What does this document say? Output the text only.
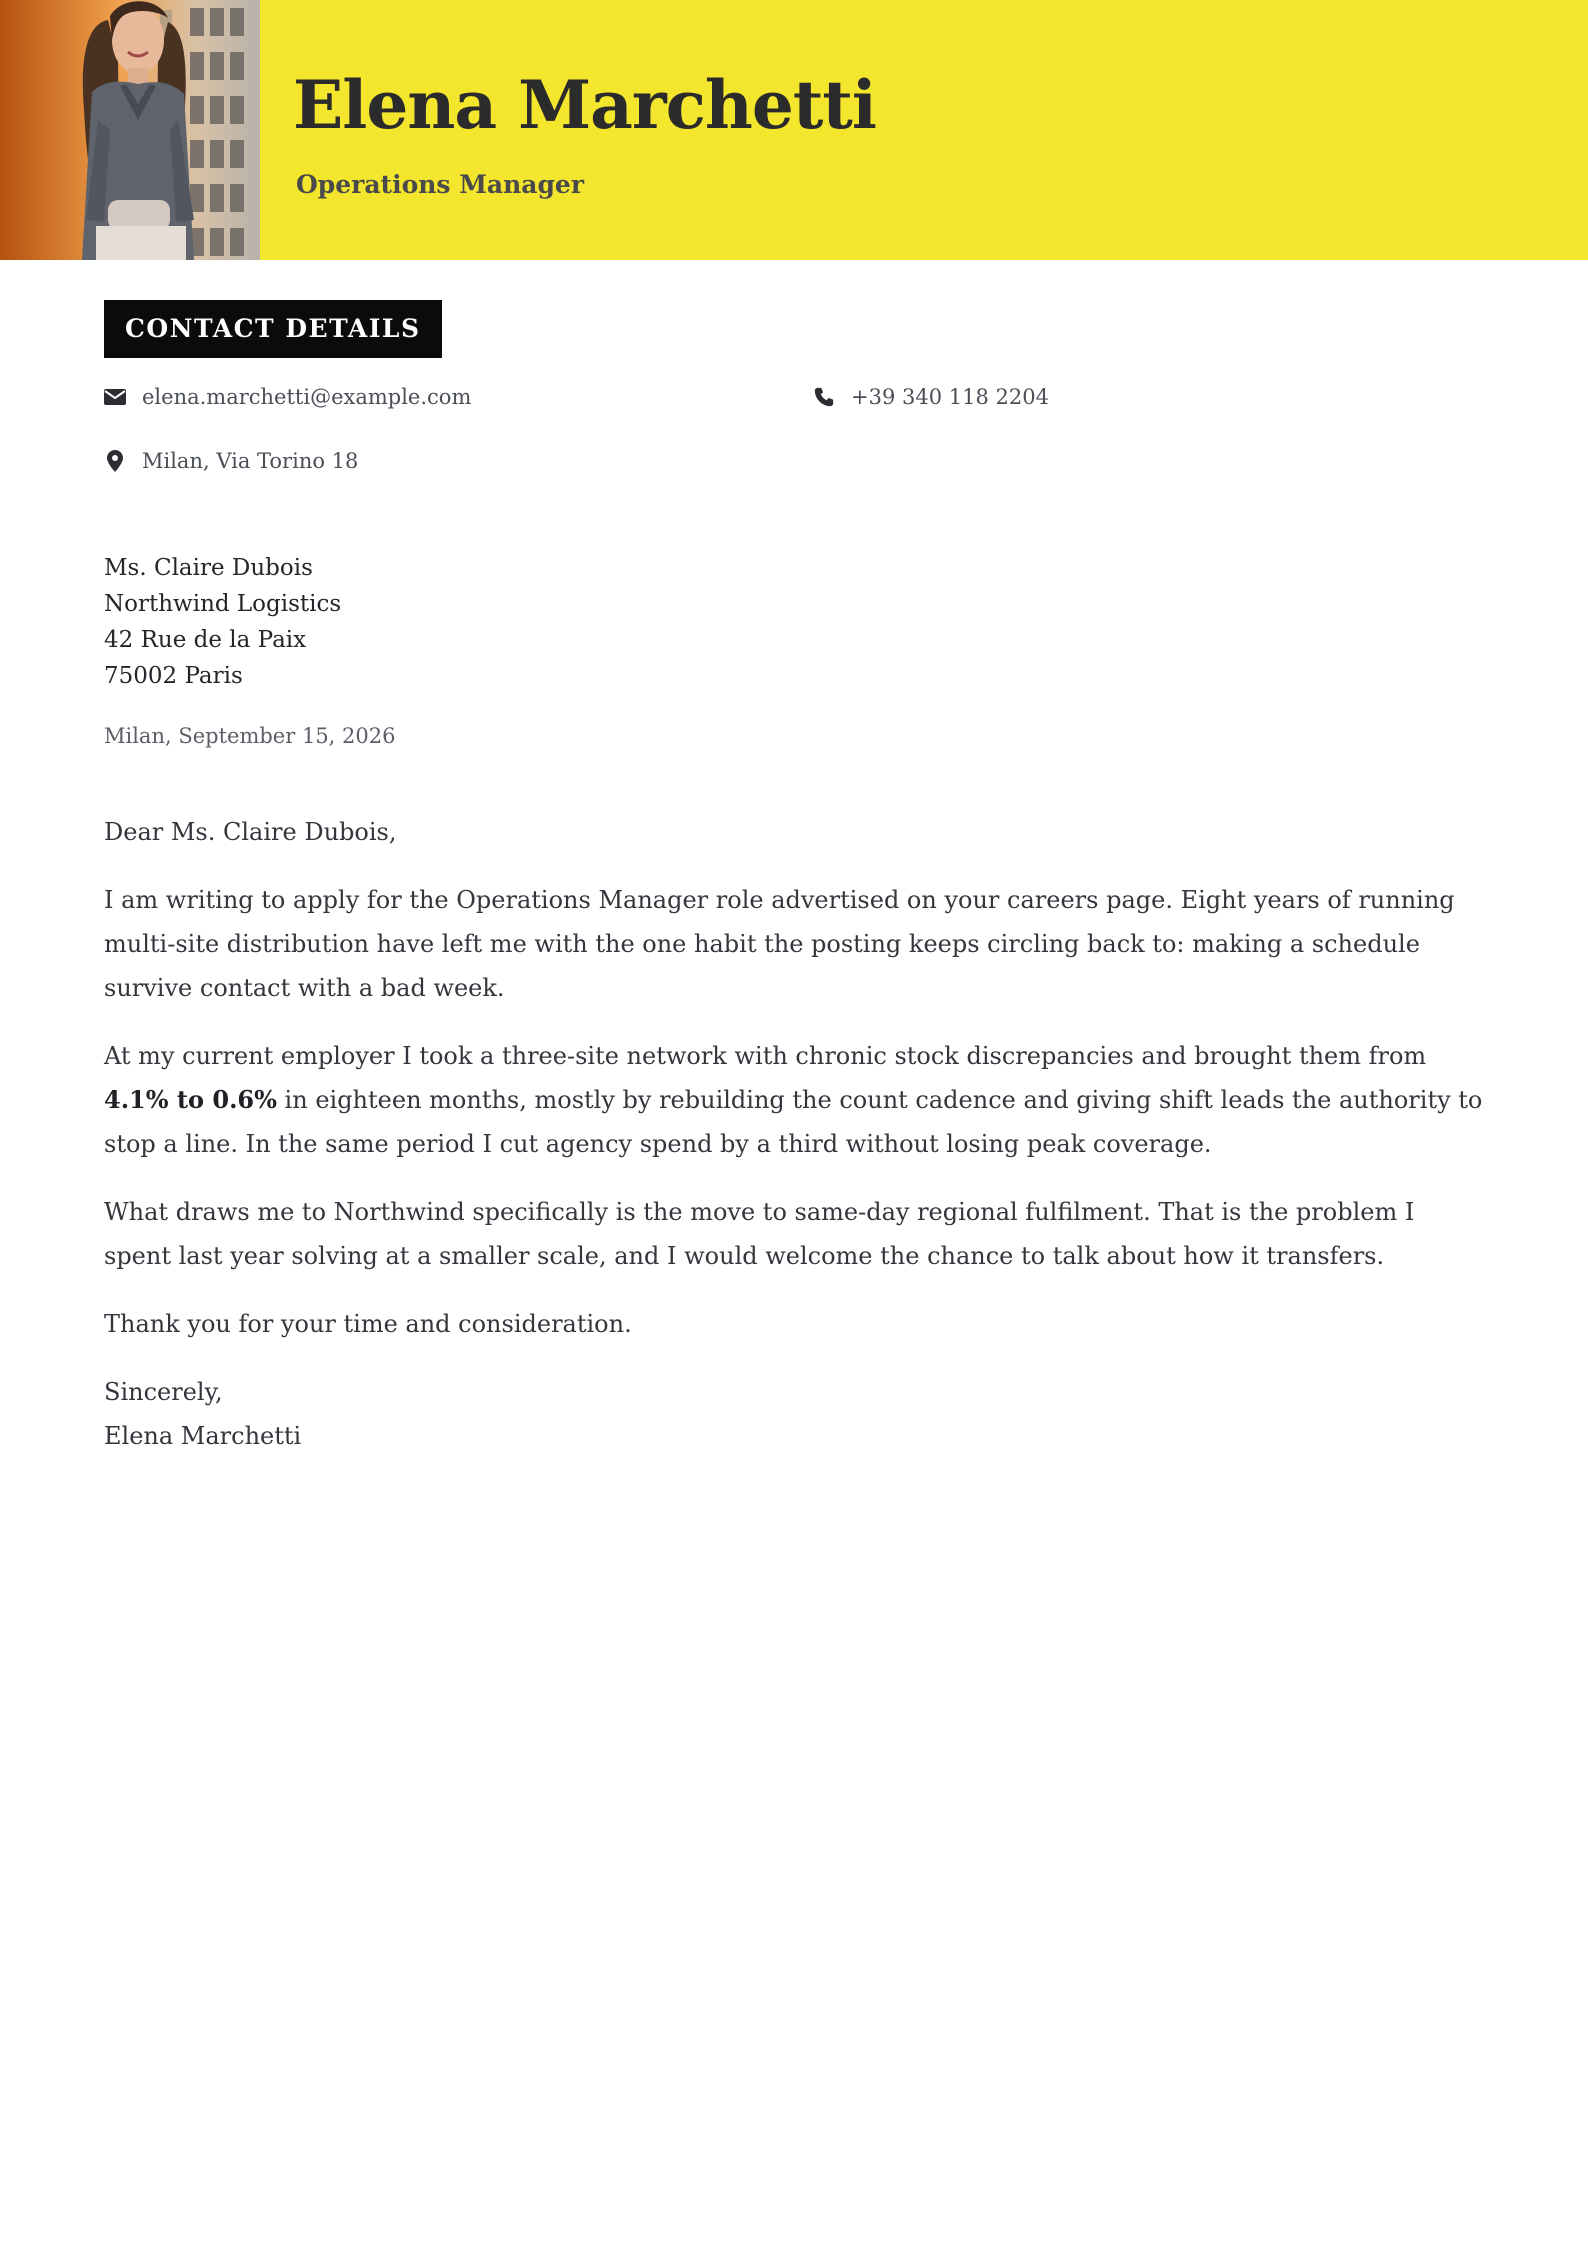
Elena Marchetti
Operations Manager
CONTACT DETAILS
elena.marchetti@example.com	+39 340 118 2204
Milan, Via Torino 18
Ms. Claire Dubois
Northwind Logistics
42 Rue de la Paix
75002 Paris
Milan, September 15, 2026

Dear Ms. Claire Dubois,

I am writing to apply for the Operations Manager role advertised on your careers page. Eight years of running multi-site distribution have left me with the one habit the posting keeps circling back to: making a schedule survive contact with a bad week.

At my current employer I took a three-site network with chronic stock discrepancies and brought them from 4.1% to 0.6% in eighteen months, mostly by rebuilding the count cadence and giving shift leads the authority to stop a line. In the same period I cut agency spend by a third without losing peak coverage.

What draws me to Northwind specifically is the move to same-day regional fulfilment. That is the problem I spent last year solving at a smaller scale, and I would welcome the chance to talk about how it transfers.

Thank you for your time and consideration.

Sincerely,
Elena Marchetti
